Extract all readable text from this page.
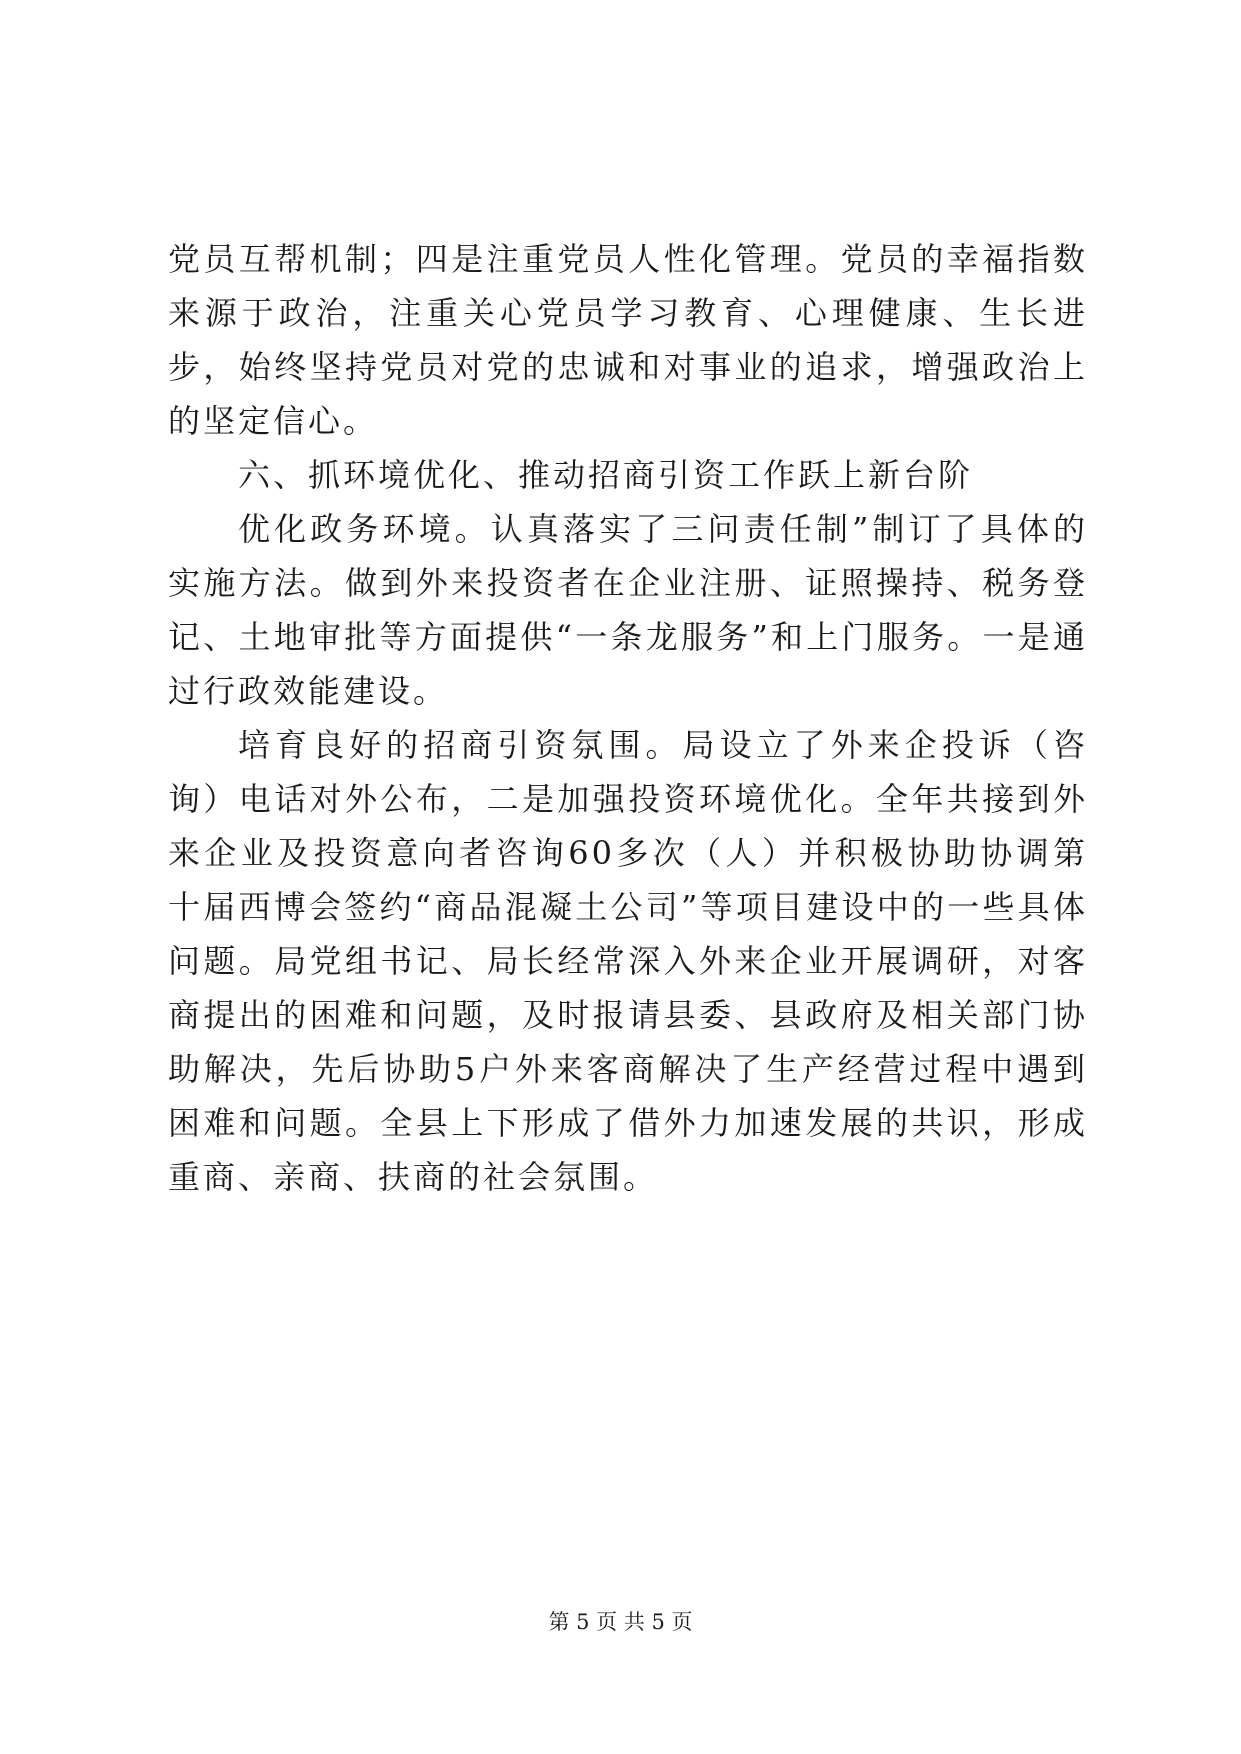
党员互帮机制；四是注重党员人性化管理。党员的幸福指数来源于政治，注重关心党员学习教育、心理健康、生长进步，始终坚持党员对党的忠诚和对事业的追求，增强政治上的坚定信心。

六、抓环境优化、推动招商引资工作跃上新台阶

优化政务环境。认真落实了三问责任制”制订了具体的实施方法。做到外来投资者在企业注册、证照操持、税务登记、土地审批等方面提供“一条龙服务”和上门服务。一是通过行政效能建设。

培育良好的招商引资氛围。局设立了外来企投诉（咨询）电话对外公布，二是加强投资环境优化。全年共接到外来企业及投资意向者咨询60多次（人）并积极协助协调第十届西博会签约“商品混凝土公司”等项目建设中的一些具体问题。局党组书记、局长经常深入外来企业开展调研，对客商提出的困难和问题，及时报请县委、县政府及相关部门协助解决，先后协助5户外来客商解决了生产经营过程中遇到困难和问题。全县上下形成了借外力加速发展的共识，形成重商、亲商、扶商的社会氛围。

第 5 页 共 5 页
